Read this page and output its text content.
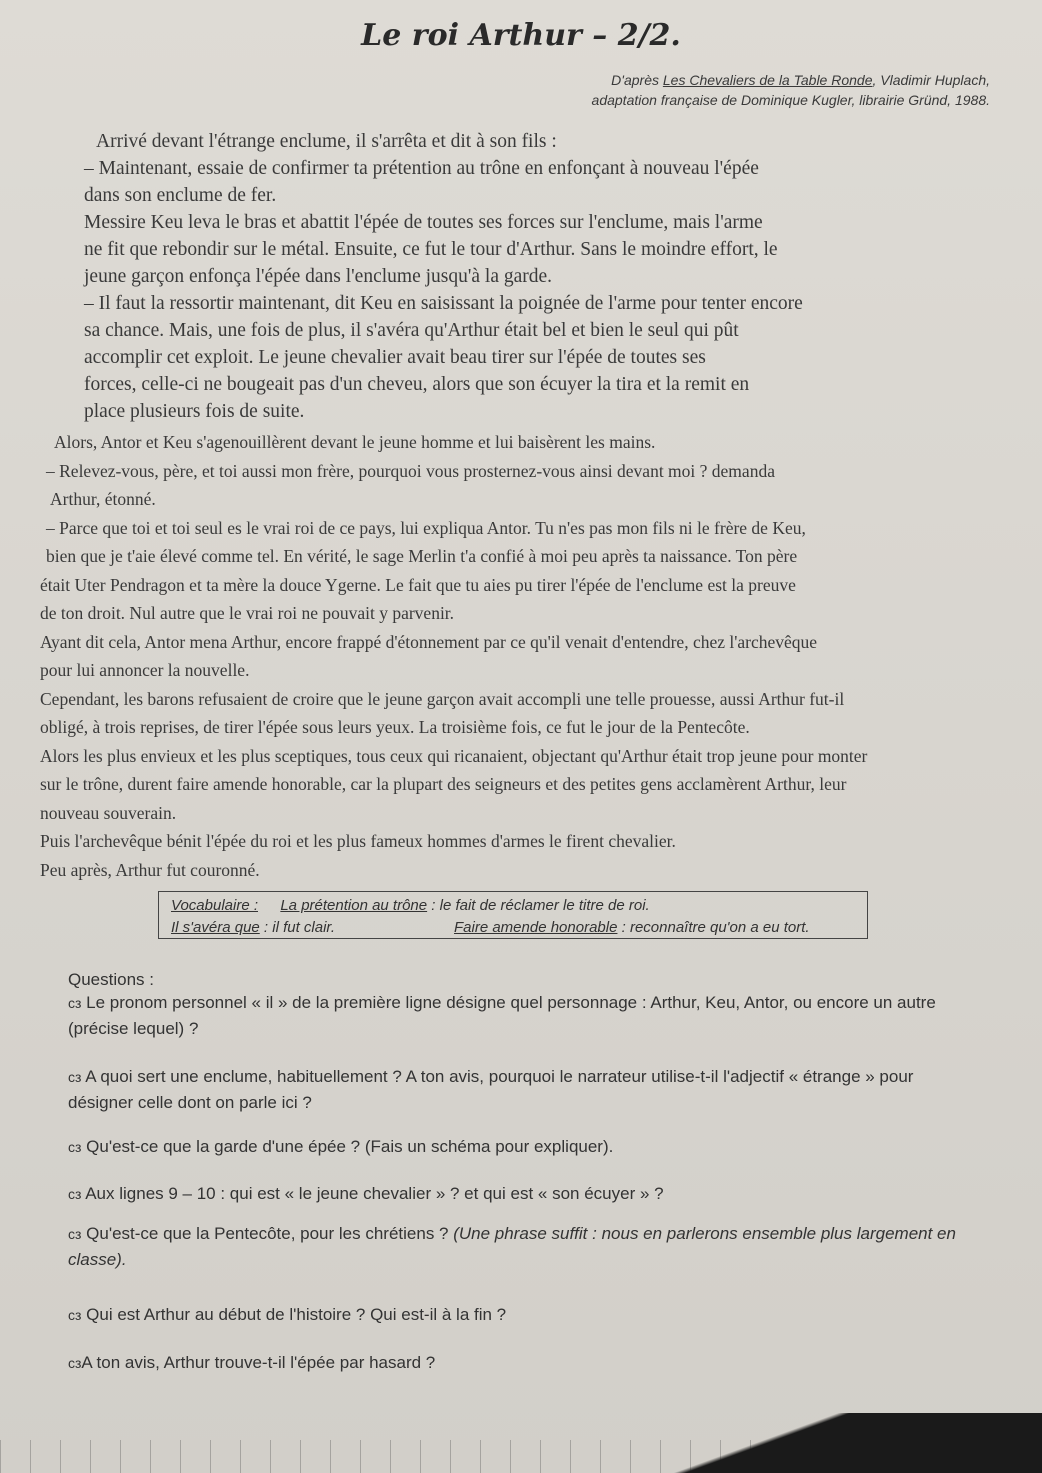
Le roi Arthur – 2/2.
D'après Les Chevaliers de la Table Ronde, Vladimir Huplach,
adaptation française de Dominique Kugler, librairie Gründ, 1988.
Arrivé devant l'étrange enclume, il s'arrêta et dit à son fils :
– Maintenant, essaie de confirmer ta prétention au trône en enfonçant à nouveau l'épée
dans son enclume de fer.
Messire Keu leva le bras et abattit l'épée de toutes ses forces sur l'enclume, mais l'arme
ne fit que rebondir sur le métal. Ensuite, ce fut le tour d'Arthur. Sans le moindre effort, le
jeune garçon enfonça l'épée dans l'enclume jusqu'à la garde.
– Il faut la ressortir maintenant, dit Keu en saisissant la poignée de l'arme pour tenter encore
sa chance. Mais, une fois de plus, il s'avéra qu'Arthur était bel et bien le seul qui pût
accomplir cet exploit. Le jeune chevalier avait beau tirer sur l'épée de toutes ses
forces, celle-ci ne bougeait pas d'un cheveu, alors que son écuyer la tira et la remit en
place plusieurs fois de suite.
Alors, Antor et Keu s'agenouillèrent devant le jeune homme et lui baisèrent les mains.
– Relevez-vous, père, et toi aussi mon frère, pourquoi vous prosternez-vous ainsi devant moi ? demanda
Arthur, étonné.
– Parce que toi et toi seul es le vrai roi de ce pays, lui expliqua Antor. Tu n'es pas mon fils ni le frère de Keu,
bien que je t'aie élevé comme tel. En vérité, le sage Merlin t'a confié à moi peu après ta naissance. Ton père
était Uter Pendragon et ta mère la douce Ygerne. Le fait que tu aies pu tirer l'épée de l'enclume est la preuve
de ton droit. Nul autre que le vrai roi ne pouvait y parvenir.
Ayant dit cela, Antor mena Arthur, encore frappé d'étonnement par ce qu'il venait d'entendre, chez l'archevêque
pour lui annoncer la nouvelle.
Cependant, les barons refusaient de croire que le jeune garçon avait accompli une telle prouesse, aussi Arthur fut-il
obligé, à trois reprises, de tirer l'épée sous leurs yeux. La troisième fois, ce fut le jour de la Pentecôte.
Alors les plus envieux et les plus sceptiques, tous ceux qui ricanaient, objectant qu'Arthur était trop jeune pour monter
sur le trône, durent faire amende honorable, car la plupart des seigneurs et des petites gens acclamèrent Arthur, leur
nouveau souverain.
Puis l'archevêque bénit l'épée du roi et les plus fameux hommes d'armes le firent chevalier.
Peu après, Arthur fut couronné.
Vocabulaire : La prétention au trône : le fait de réclamer le titre de roi.
Il s'avéra que : il fut clair.	Faire amende honorable : reconnaître qu'on a eu tort.
Questions :
ᴄᴈ Le pronom personnel « il » de la première ligne désigne quel personnage : Arthur, Keu, Antor, ou encore un autre (précise lequel) ?
ᴄᴈ A quoi sert une enclume, habituellement ? A ton avis, pourquoi le narrateur utilise-t-il l'adjectif « étrange » pour désigner celle dont on parle ici ?
ᴄᴈ Qu'est-ce que la garde d'une épée ? (Fais un schéma pour expliquer).
ᴄᴈ Aux lignes 9 – 10 : qui est « le jeune chevalier » ? et qui est « son écuyer » ?
ᴄᴈ Qu'est-ce que la Pentecôte, pour les chrétiens ? (Une phrase suffit : nous en parlerons ensemble plus largement en classe).
ᴄᴈ Qui est Arthur au début de l'histoire ? Qui est-il à la fin ?
ᴄᴈA ton avis, Arthur trouve-t-il l'épée par hasard ?
